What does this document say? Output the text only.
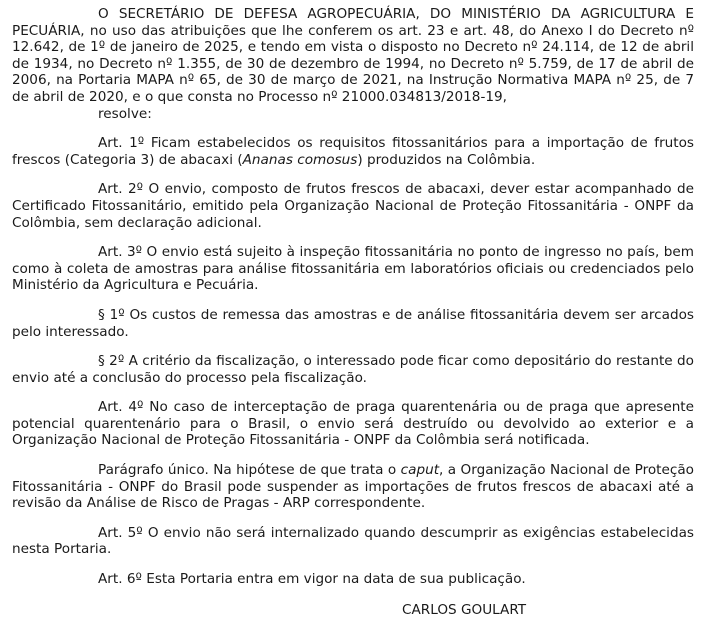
O SECRETÁRIO DE DEFESA AGROPECUÁRIA, DO MINISTÉRIO DA AGRICULTURA E PECUÁRIA, no uso das atribuições que lhe conferem os art. 23 e art. 48, do Anexo I do Decreto nº 12.642, de 1º de janeiro de 2025, e tendo em vista o disposto no Decreto nº 24.114, de 12 de abril de 1934, no Decreto nº 1.355, de 30 de dezembro de 1994, no Decreto nº 5.759, de 17 de abril de 2006, na Portaria MAPA nº 65, de 30 de março de 2021, na Instrução Normativa MAPA nº 25, de 7 de abril de 2020, e o que consta no Processo nº 21000.034813/2018-19,

resolve:

Art. 1º Ficam estabelecidos os requisitos fitossanitários para a importação de frutos frescos (Categoria 3) de abacaxi (Ananas comosus) produzidos na Colômbia.

Art. 2º O envio, composto de frutos frescos de abacaxi, dever estar acompanhado de Certificado Fitossanitário, emitido pela Organização Nacional de Proteção Fitossanitária - ONPF da Colômbia, sem declaração adicional.

Art. 3º O envio está sujeito à inspeção fitossanitária no ponto de ingresso no país, bem como à coleta de amostras para análise fitossanitária em laboratórios oficiais ou credenciados pelo Ministério da Agricultura e Pecuária.

§ 1º Os custos de remessa das amostras e de análise fitossanitária devem ser arcados pelo interessado.

§ 2º A critério da fiscalização, o interessado pode ficar como depositário do restante do envio até a conclusão do processo pela fiscalização.

Art. 4º No caso de interceptação de praga quarentenária ou de praga que apresente potencial quarentenário para o Brasil, o envio será destruído ou devolvido ao exterior e a Organização Nacional de Proteção Fitossanitária - ONPF da Colômbia será notificada.

Parágrafo único. Na hipótese de que trata o caput, a Organização Nacional de Proteção Fitossanitária - ONPF do Brasil pode suspender as importações de frutos frescos de abacaxi até a revisão da Análise de Risco de Pragas - ARP correspondente.

Art. 5º O envio não será internalizado quando descumprir as exigências estabelecidas nesta Portaria.

Art. 6º Esta Portaria entra em vigor na data de sua publicação.

CARLOS GOULART
